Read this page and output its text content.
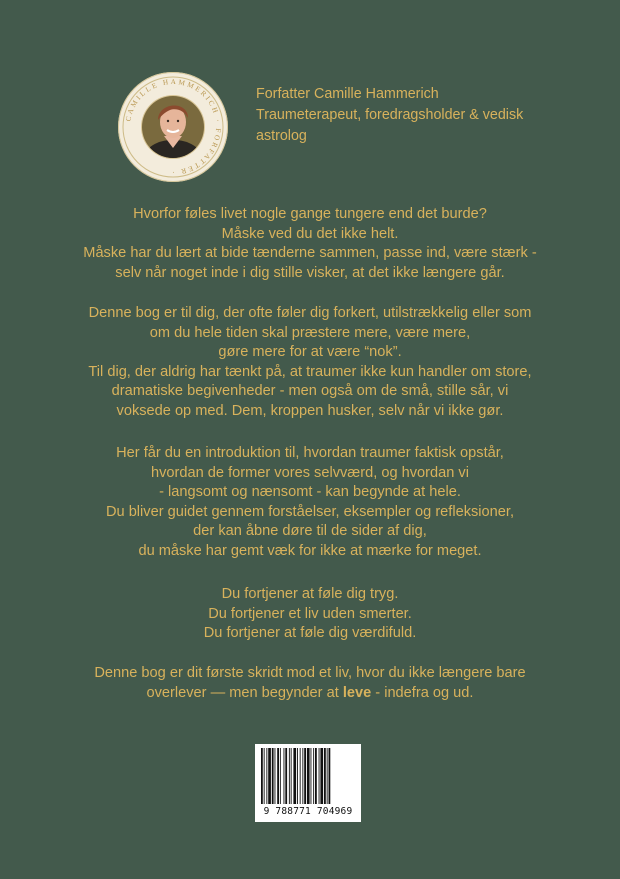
CAMILLE HAMMERICH · FORFATTER ·
Forfatter Camille Hammerich
Traumeterapeut, foredragsholder & vedisk
astrolog

Hvorfor føles livet nogle gange tungere end det burde?

Måske ved du det ikke helt.

Måske har du lært at bide tænderne sammen, passe ind, være stærk -

selv når noget inde i dig stille visker, at det ikke længere går.

Denne bog er til dig, der ofte føler dig forkert, utilstrækkelig eller som

om du hele tiden skal præstere mere, være mere,

gøre mere for at være “nok”.

Til dig, der aldrig har tænkt på, at traumer ikke kun handler om store,

dramatiske begivenheder - men også om de små, stille sår, vi

voksede op med. Dem, kroppen husker, selv når vi ikke gør.

Her får du en introduktion til, hvordan traumer faktisk opstår,

hvordan de former vores selvværd, og hvordan vi

- langsomt og nænsomt - kan begynde at hele.

Du bliver guidet gennem forståelser, eksempler og refleksioner,

der kan åbne døre til de sider af dig,

du måske har gemt væk for ikke at mærke for meget.

Du fortjener at føle dig tryg.

Du fortjener et liv uden smerter.

Du fortjener at føle dig værdifuld.

Denne bog er dit første skridt mod et liv, hvor du ikke længere bare

overlever — men begynder at leve - indefra og ud.

9 788771 704969
